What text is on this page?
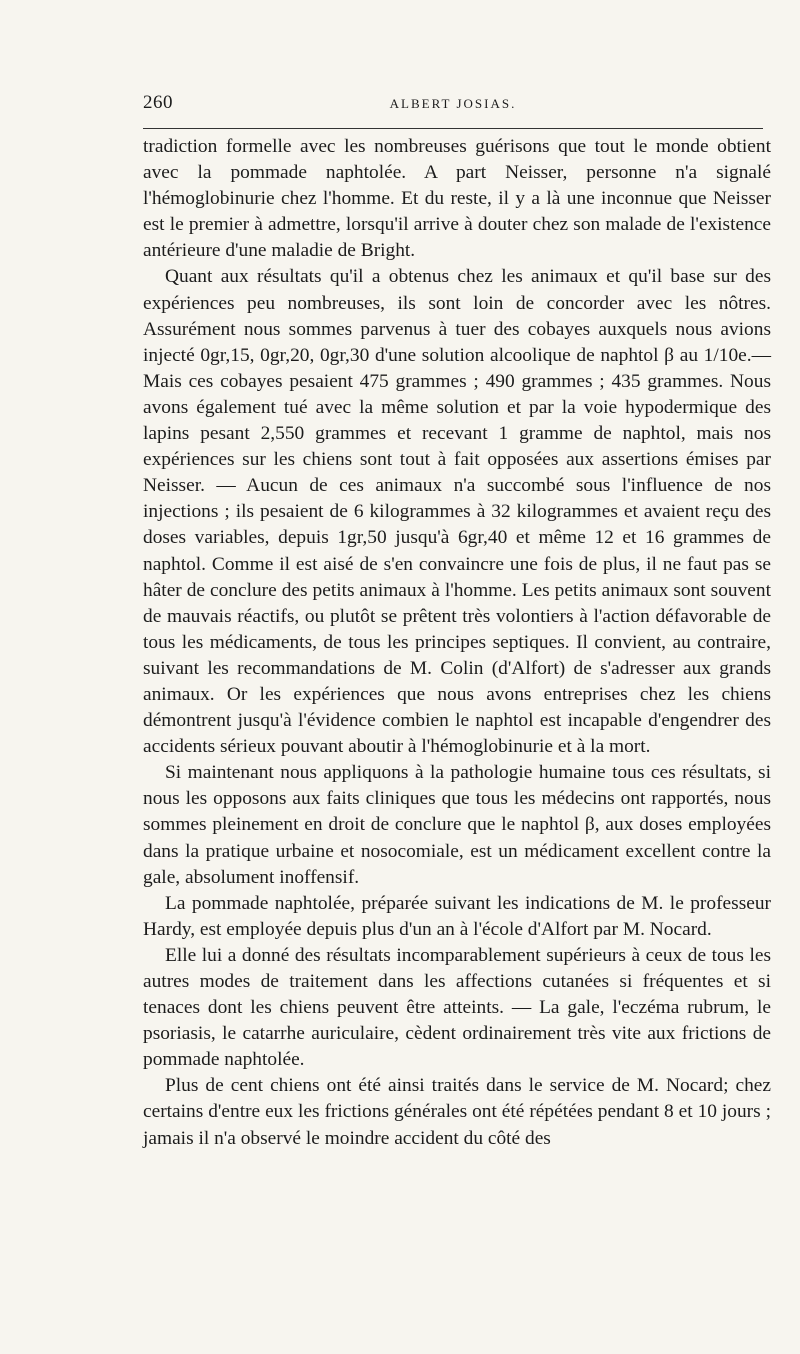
260	ALBERT JOSIAS.

tradiction formelle avec les nombreuses guérisons que tout le monde obtient avec la pommade naphtolée. A part Neisser, personne n'a signalé l'hémoglobinurie chez l'homme. Et du reste, il y a là une inconnue que Neisser est le premier à admettre, lorsqu'il arrive à douter chez son malade de l'existence antérieure d'une maladie de Bright.

Quant aux résultats qu'il a obtenus chez les animaux et qu'il base sur des expériences peu nombreuses, ils sont loin de concorder avec les nôtres. Assurément nous sommes parvenus à tuer des cobayes auxquels nous avions injecté 0gr,15, 0gr,20, 0gr,30 d'une solution alcoolique de naphtol β au 1/10e.—Mais ces cobayes pesaient 475 grammes ; 490 grammes ; 435 grammes. Nous avons également tué avec la même solution et par la voie hypodermique des lapins pesant 2,550 grammes et recevant 1 gramme de naphtol, mais nos expériences sur les chiens sont tout à fait opposées aux assertions émises par Neisser. — Aucun de ces animaux n'a succombé sous l'influence de nos injections ; ils pesaient de 6 kilogrammes à 32 kilogrammes et avaient reçu des doses variables, depuis 1gr,50 jusqu'à 6gr,40 et même 12 et 16 grammes de naphtol. Comme il est aisé de s'en convaincre une fois de plus, il ne faut pas se hâter de conclure des petits animaux à l'homme. Les petits animaux sont souvent de mauvais réactifs, ou plutôt se prêtent très volontiers à l'action défavorable de tous les médicaments, de tous les principes septiques. Il convient, au contraire, suivant les recommandations de M. Colin (d'Alfort) de s'adresser aux grands animaux. Or les expériences que nous avons entreprises chez les chiens démontrent jusqu'à l'évidence combien le naphtol est incapable d'engendrer des accidents sérieux pouvant aboutir à l'hémoglobinurie et à la mort.

Si maintenant nous appliquons à la pathologie humaine tous ces résultats, si nous les opposons aux faits cliniques que tous les médecins ont rapportés, nous sommes pleinement en droit de conclure que le naphtol β, aux doses employées dans la pratique urbaine et nosocomiale, est un médicament excellent contre la gale, absolument inoffensif.

La pommade naphtolée, préparée suivant les indications de M. le professeur Hardy, est employée depuis plus d'un an à l'école d'Alfort par M. Nocard.

Elle lui a donné des résultats incomparablement supérieurs à ceux de tous les autres modes de traitement dans les affections cutanées si fréquentes et si tenaces dont les chiens peuvent être atteints. — La gale, l'eczéma rubrum, le psoriasis, le catarrhe auriculaire, cèdent ordinairement très vite aux frictions de pommade naphtolée.

Plus de cent chiens ont été ainsi traités dans le service de M. Nocard; chez certains d'entre eux les frictions générales ont été répétées pendant 8 et 10 jours ; jamais il n'a observé le moindre accident du côté des
